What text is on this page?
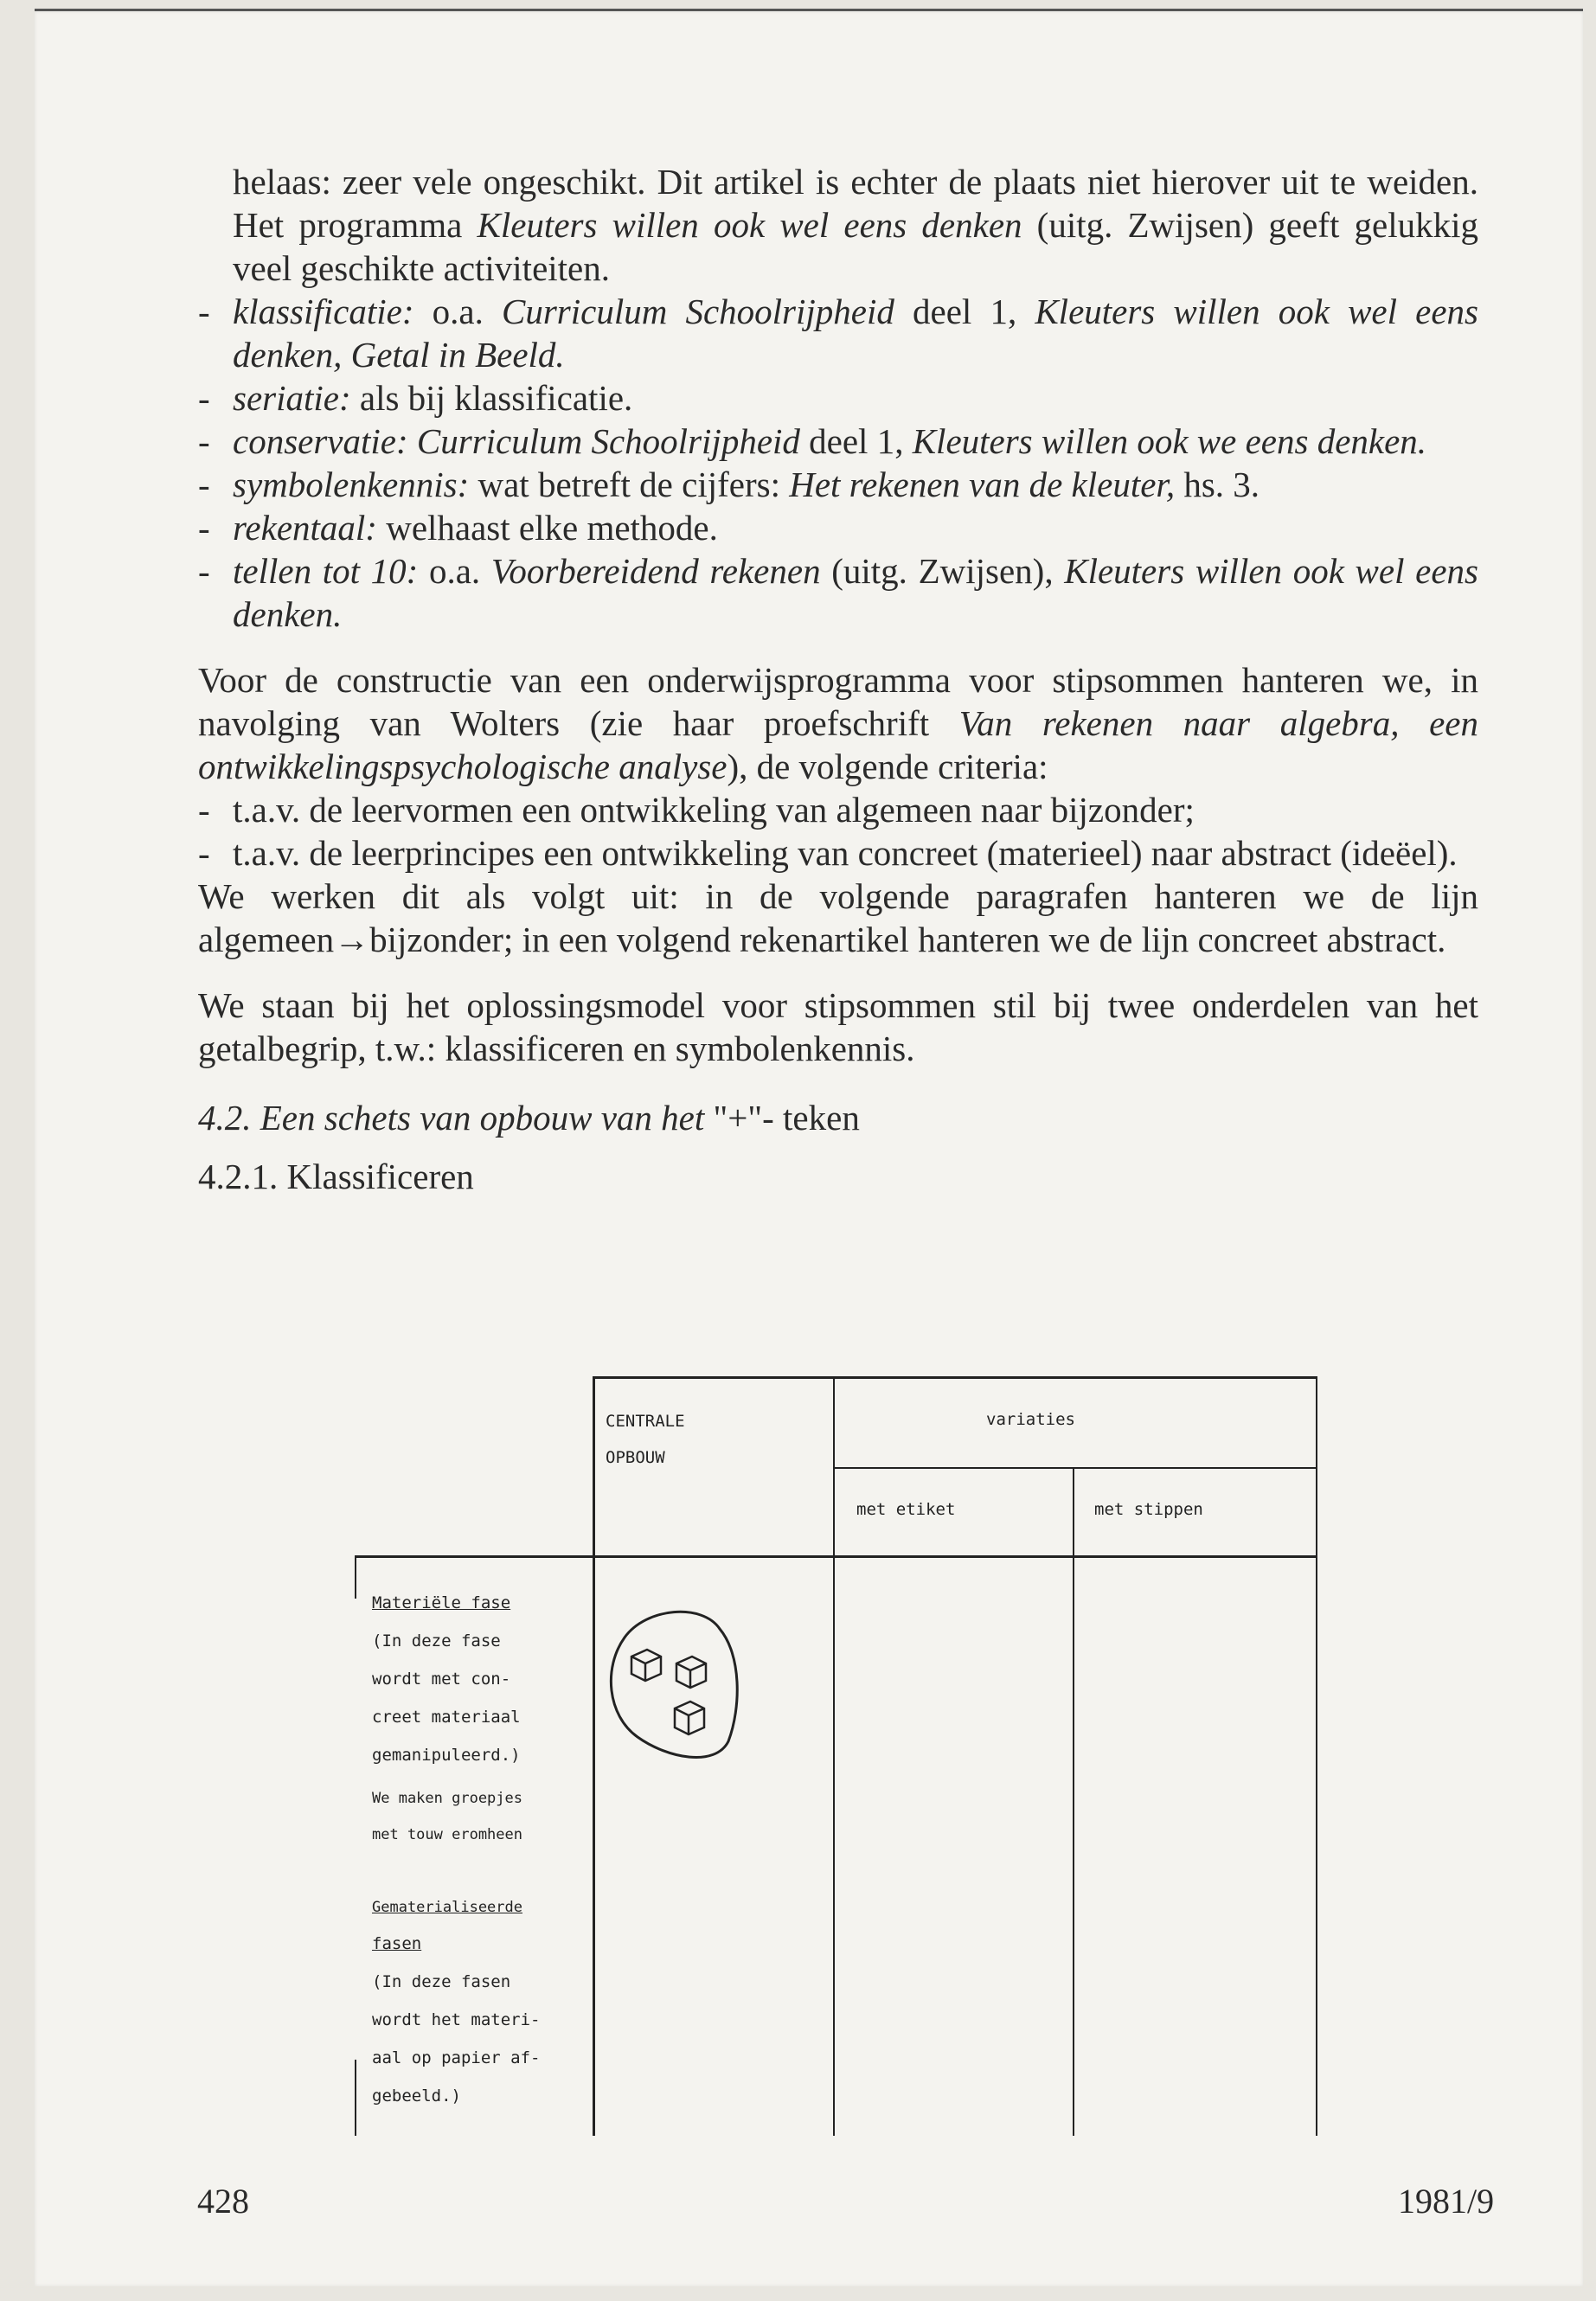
helaas: zeer vele ongeschikt. Dit artikel is echter de plaats niet hierover uit te weiden. Het programma Kleuters willen ook wel eens denken (uitg. Zwijsen) geeft gelukkig veel geschikte activiteiten.

- klassificatie: o.a. Curriculum Schoolrijpheid deel 1, Kleuters willen ook wel eens denken, Getal in Beeld.
- seriatie: als bij klassificatie.
- conservatie: Curriculum Schoolrijpheid deel 1, Kleuters willen ook we eens denken.
- symbolenkennis: wat betreft de cijfers: Het rekenen van de kleuter, hs. 3.
- rekentaal: welhaast elke methode.
- tellen tot 10: o.a. Voorbereidend rekenen (uitg. Zwijsen), Kleuters willen ook wel eens denken.

Voor de constructie van een onderwijsprogramma voor stipsommen hanteren we, in navolging van Wolters (zie haar proefschrift Van rekenen naar algebra, een ontwikkelingspsychologische analyse), de volgende criteria:

- t.a.v. de leervormen een ontwikkeling van algemeen naar bijzonder;
- t.a.v. de leerprincipes een ontwikkeling van concreet (materieel) naar abstract (ideëel).

We werken dit als volgt uit: in de volgende paragrafen hanteren we de lijn algemeen→bijzonder; in een volgend rekenartikel hanteren we de lijn concreet abstract.

We staan bij het oplossingsmodel voor stipsommen stil bij twee onderdelen van het getalbegrip, t.w.: klassificeren en symbolenkennis.

4.2. Een schets van opbouw van het "+"- teken

4.2.1. Klassificeren

CENTRALE
OPBOUW
variaties
met etiket	met stippen
Materiële fase
(In deze fase
wordt met con-
creet materiaal
gemanipuleerd.)
We maken groepjes
met touw eromheen
Gematerialiseerde
fasen
(In deze fasen
wordt het materi-
aal op papier af-
gebeeld.)
428	1981/9
